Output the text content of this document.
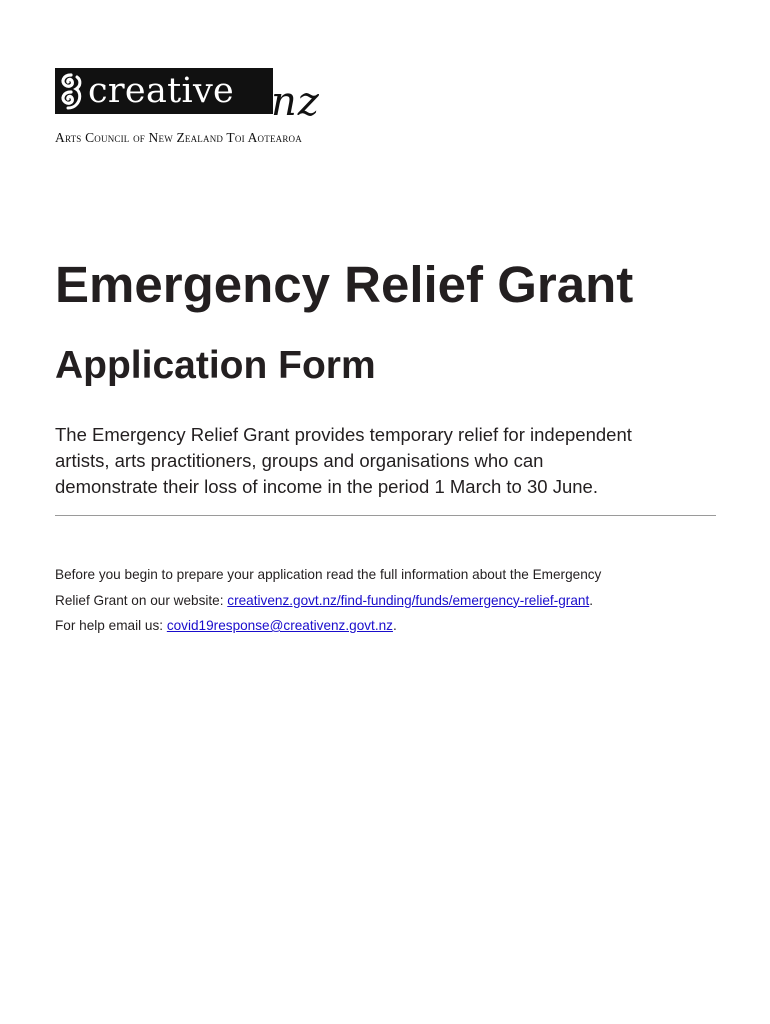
creative nz
Arts Council of New Zealand Toi Aotearoa
Emergency Relief Grant
Application Form

The Emergency Relief Grant provides temporary relief for independent
artists, arts practitioners, groups and organisations who can
demonstrate their loss of income in the period 1 March to 30 June.

Before you begin to prepare your application read the full information about the Emergency
Relief Grant on our website: creativenz.govt.nz/find-funding/funds/emergency-relief-grant.
For help email us: covid19response@creativenz.govt.nz.
